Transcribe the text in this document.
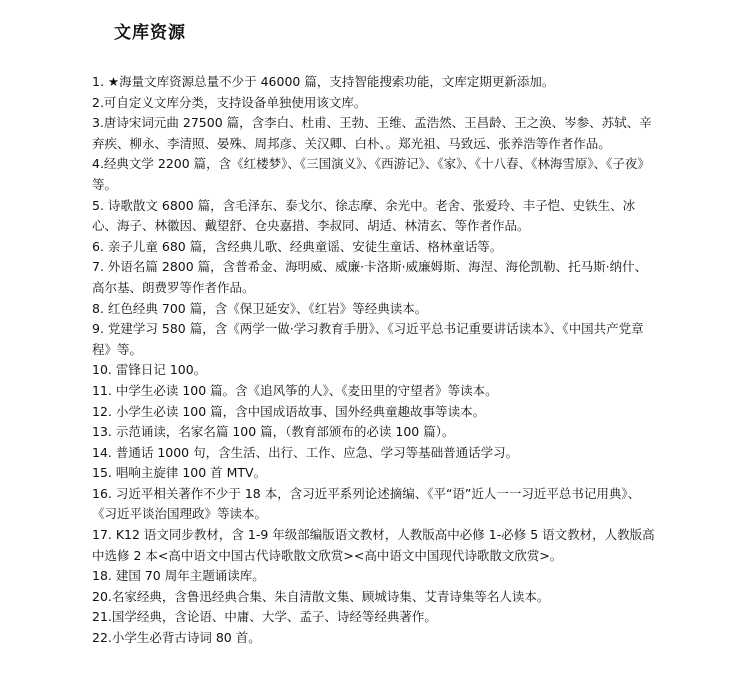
文库资源

1. ★海量文库资源总量不少于 46000 篇，支持智能搜索功能，文库定期更新添加。

2.可自定义文库分类，支持设备单独使用该文库。

3.唐诗宋词元曲 27500 篇，含李白、杜甫、王勃、王维、孟浩然、王昌龄、王之涣、岑参、苏轼、辛弃疾、柳永、李清照、晏殊、周邦彦、关汉卿、白朴、。郑光祖、马致远、张养浩等作者作品。

4.经典文学 2200 篇，含《红楼梦》、《三国演义》、《西游记》、《家》、《十八春、《林海雪原》、《子夜》等。

5. 诗歌散文 6800 篇，含毛泽东、泰戈尔、徐志摩、余光中。老舍、张爱玲、丰子恺、史铁生、冰心、海子、林徽因、戴望舒、仓央嘉措、李叔同、胡适、林清玄、等作者作品。

6. 亲子儿童 680 篇，含经典儿歌、经典童谣、安徒生童话、格林童话等。

7. 外语名篇 2800 篇，含普希金、海明威、威廉·卡洛斯·威廉姆斯、海涅、海伦凯勒、托马斯·纳什、高尔基、朗费罗等作者作品。

8. 红色经典 700 篇，含《保卫延安》、《红岩》等经典读本。

9. 党建学习 580 篇，含《两学一做·学习教育手册》、《习近平总书记重要讲话读本》、《中国共产党章程》等。

10. 雷锋日记 100。

11. 中学生必读 100 篇。含《追风筝的人》、《麦田里的守望者》等读本。

12. 小学生必读 100 篇，含中国成语故事、国外经典童趣故事等读本。

13. 示范诵读，名家名篇 100 篇，（教育部颁布的必读 100 篇）。

14. 普通话 1000 句，含生活、出行、工作、应急、学习等基础普通话学习。

15. 唱响主旋律 100 首 MTV。

16. 习近平相关著作不少于 18 本，含习近平系列论述摘编、《平“语”近人一一习近平总书记用典》、《习近平谈治国理政》等读本。

17. K12 语文同步教材，含 1-9 年级部编版语文教材，人教版高中必修 1-必修 5 语文教材，人教版高中选修 2 本<高中语文中国古代诗歌散文欣赏><高中语文中国现代诗歌散文欣赏>。

18. 建国 70 周年主题诵读库。

20.名家经典，含鲁迅经典合集、朱自清散文集、顾城诗集、艾青诗集等名人读本。

21.国学经典，含论语、中庸、大学、孟子、诗经等经典著作。

22.小学生必背古诗词 80 首。
